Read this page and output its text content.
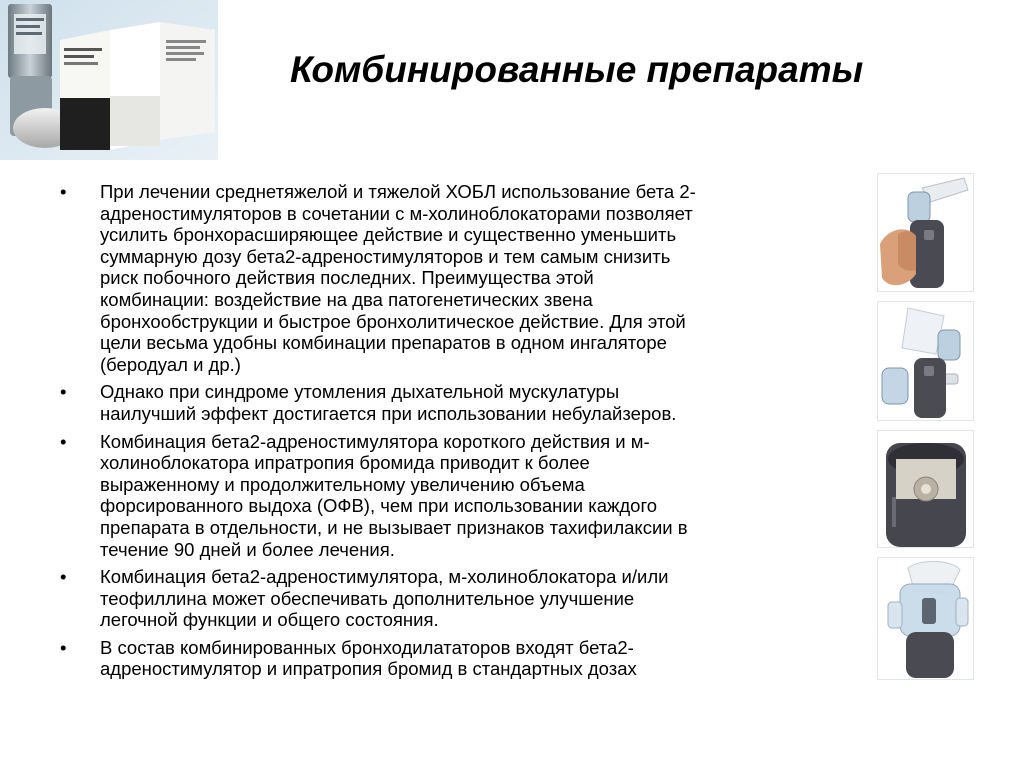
Комбинированные препараты
•	При лечении среднетяжелой и тяжелой ХОБЛ использование бета 2-
адреностимуляторов в сочетании с м-холиноблокаторами позволяет
усилить бронхорасширяющее действие и существенно уменьшить
суммарную дозу бета2-адреностимуляторов и тем самым снизить
риск побочного действия последних. Преимущества этой
комбинации: воздействие на два патогенетических звена
бронхообструкции и быстрое бронхолитическое действие. Для этой
цели весьма удобны комбинации препаратов в одном ингаляторе
(беродуал и др.)
•	Однако при синдроме утомления дыхательной мускулатуры
наилучший эффект достигается при использовании небулайзеров.
•	Комбинация бета2-адреностимулятора короткого действия и м-
холиноблокатора ипратропия бромида приводит к более
выраженному и продолжительному увеличению объема
форсированного выдоха (ОФВ), чем при использовании каждого
препарата в отдельности, и не вызывает признаков тахифилаксии в
течение 90 дней и более лечения.
•	Комбинация бета2-адреностимулятора, м-холиноблокатора и/или
теофиллина может обеспечивать дополнительное улучшение
легочной функции и общего состояния.
•	В состав комбинированных бронходилататоров входят бета2-
адреностимулятор и ипратропия бромид в стандартных дозах
